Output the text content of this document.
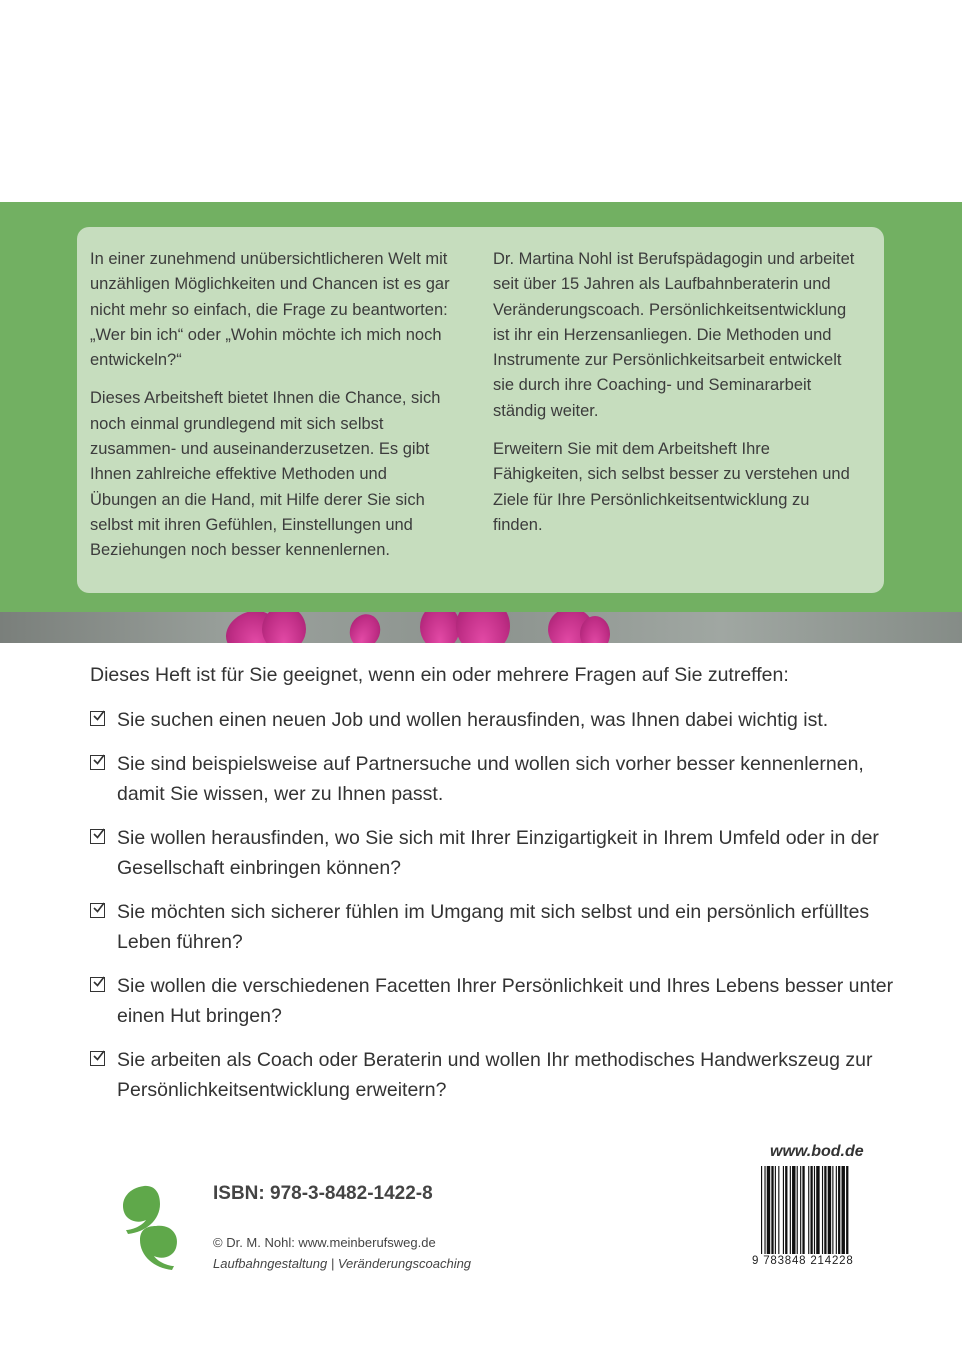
In einer zunehmend unübersichtlicheren Welt mit unzähligen Möglichkeiten und Chancen ist es gar nicht mehr so einfach, die Frage zu beantworten: „Wer bin ich“ oder „Wohin möchte ich mich noch entwickeln?“

Dieses Arbeitsheft bietet Ihnen die Chance, sich noch einmal grundlegend mit sich selbst zusammen- und auseinanderzusetzen. Es gibt Ihnen zahlreiche effektive Methoden und Übungen an die Hand, mit Hilfe derer Sie sich selbst mit ihren Gefühlen, Einstellungen und Beziehungen noch besser kennenlernen.

Dr. Martina Nohl ist Berufspädagogin und arbeitet seit über 15 Jahren als Laufbahnberaterin und Veränderungscoach. Persönlichkeitsentwicklung ist ihr ein Herzensanliegen. Die Methoden und Instrumente zur Persönlichkeitsarbeit entwickelt sie durch ihre Coaching- und Seminararbeit ständig weiter.

Erweitern Sie mit dem Arbeitsheft Ihre Fähigkeiten, sich selbst besser zu verstehen und Ziele für Ihre Persönlichkeitsentwicklung zu finden.

Dieses Heft ist für Sie geeignet, wenn ein oder mehrere Fragen auf Sie zutreffen:
Sie suchen einen neuen Job und wollen herausfinden, was Ihnen dabei wichtig ist.
Sie sind beispielsweise auf Partnersuche und wollen sich vorher besser kennenlernen, damit Sie wissen, wer zu Ihnen passt.
Sie wollen herausfinden, wo Sie sich mit Ihrer Einzigartigkeit in Ihrem Umfeld oder in der Gesellschaft einbringen können?
Sie möchten sich sicherer fühlen im Umgang mit sich selbst und ein persönlich erfülltes Leben führen?
Sie wollen die verschiedenen Facetten Ihrer Persönlichkeit und Ihres Lebens besser unter einen Hut bringen?
Sie arbeiten als Coach oder Beraterin und wollen Ihr methodisches Handwerkszeug zur Persönlichkeitsentwicklung erweitern?
ISBN: 978-3-8482-1422-8
© Dr. M. Nohl: www.meinberufsweg.de
Laufbahngestaltung | Veränderungscoaching
www.bod.de
9 783848 214228
